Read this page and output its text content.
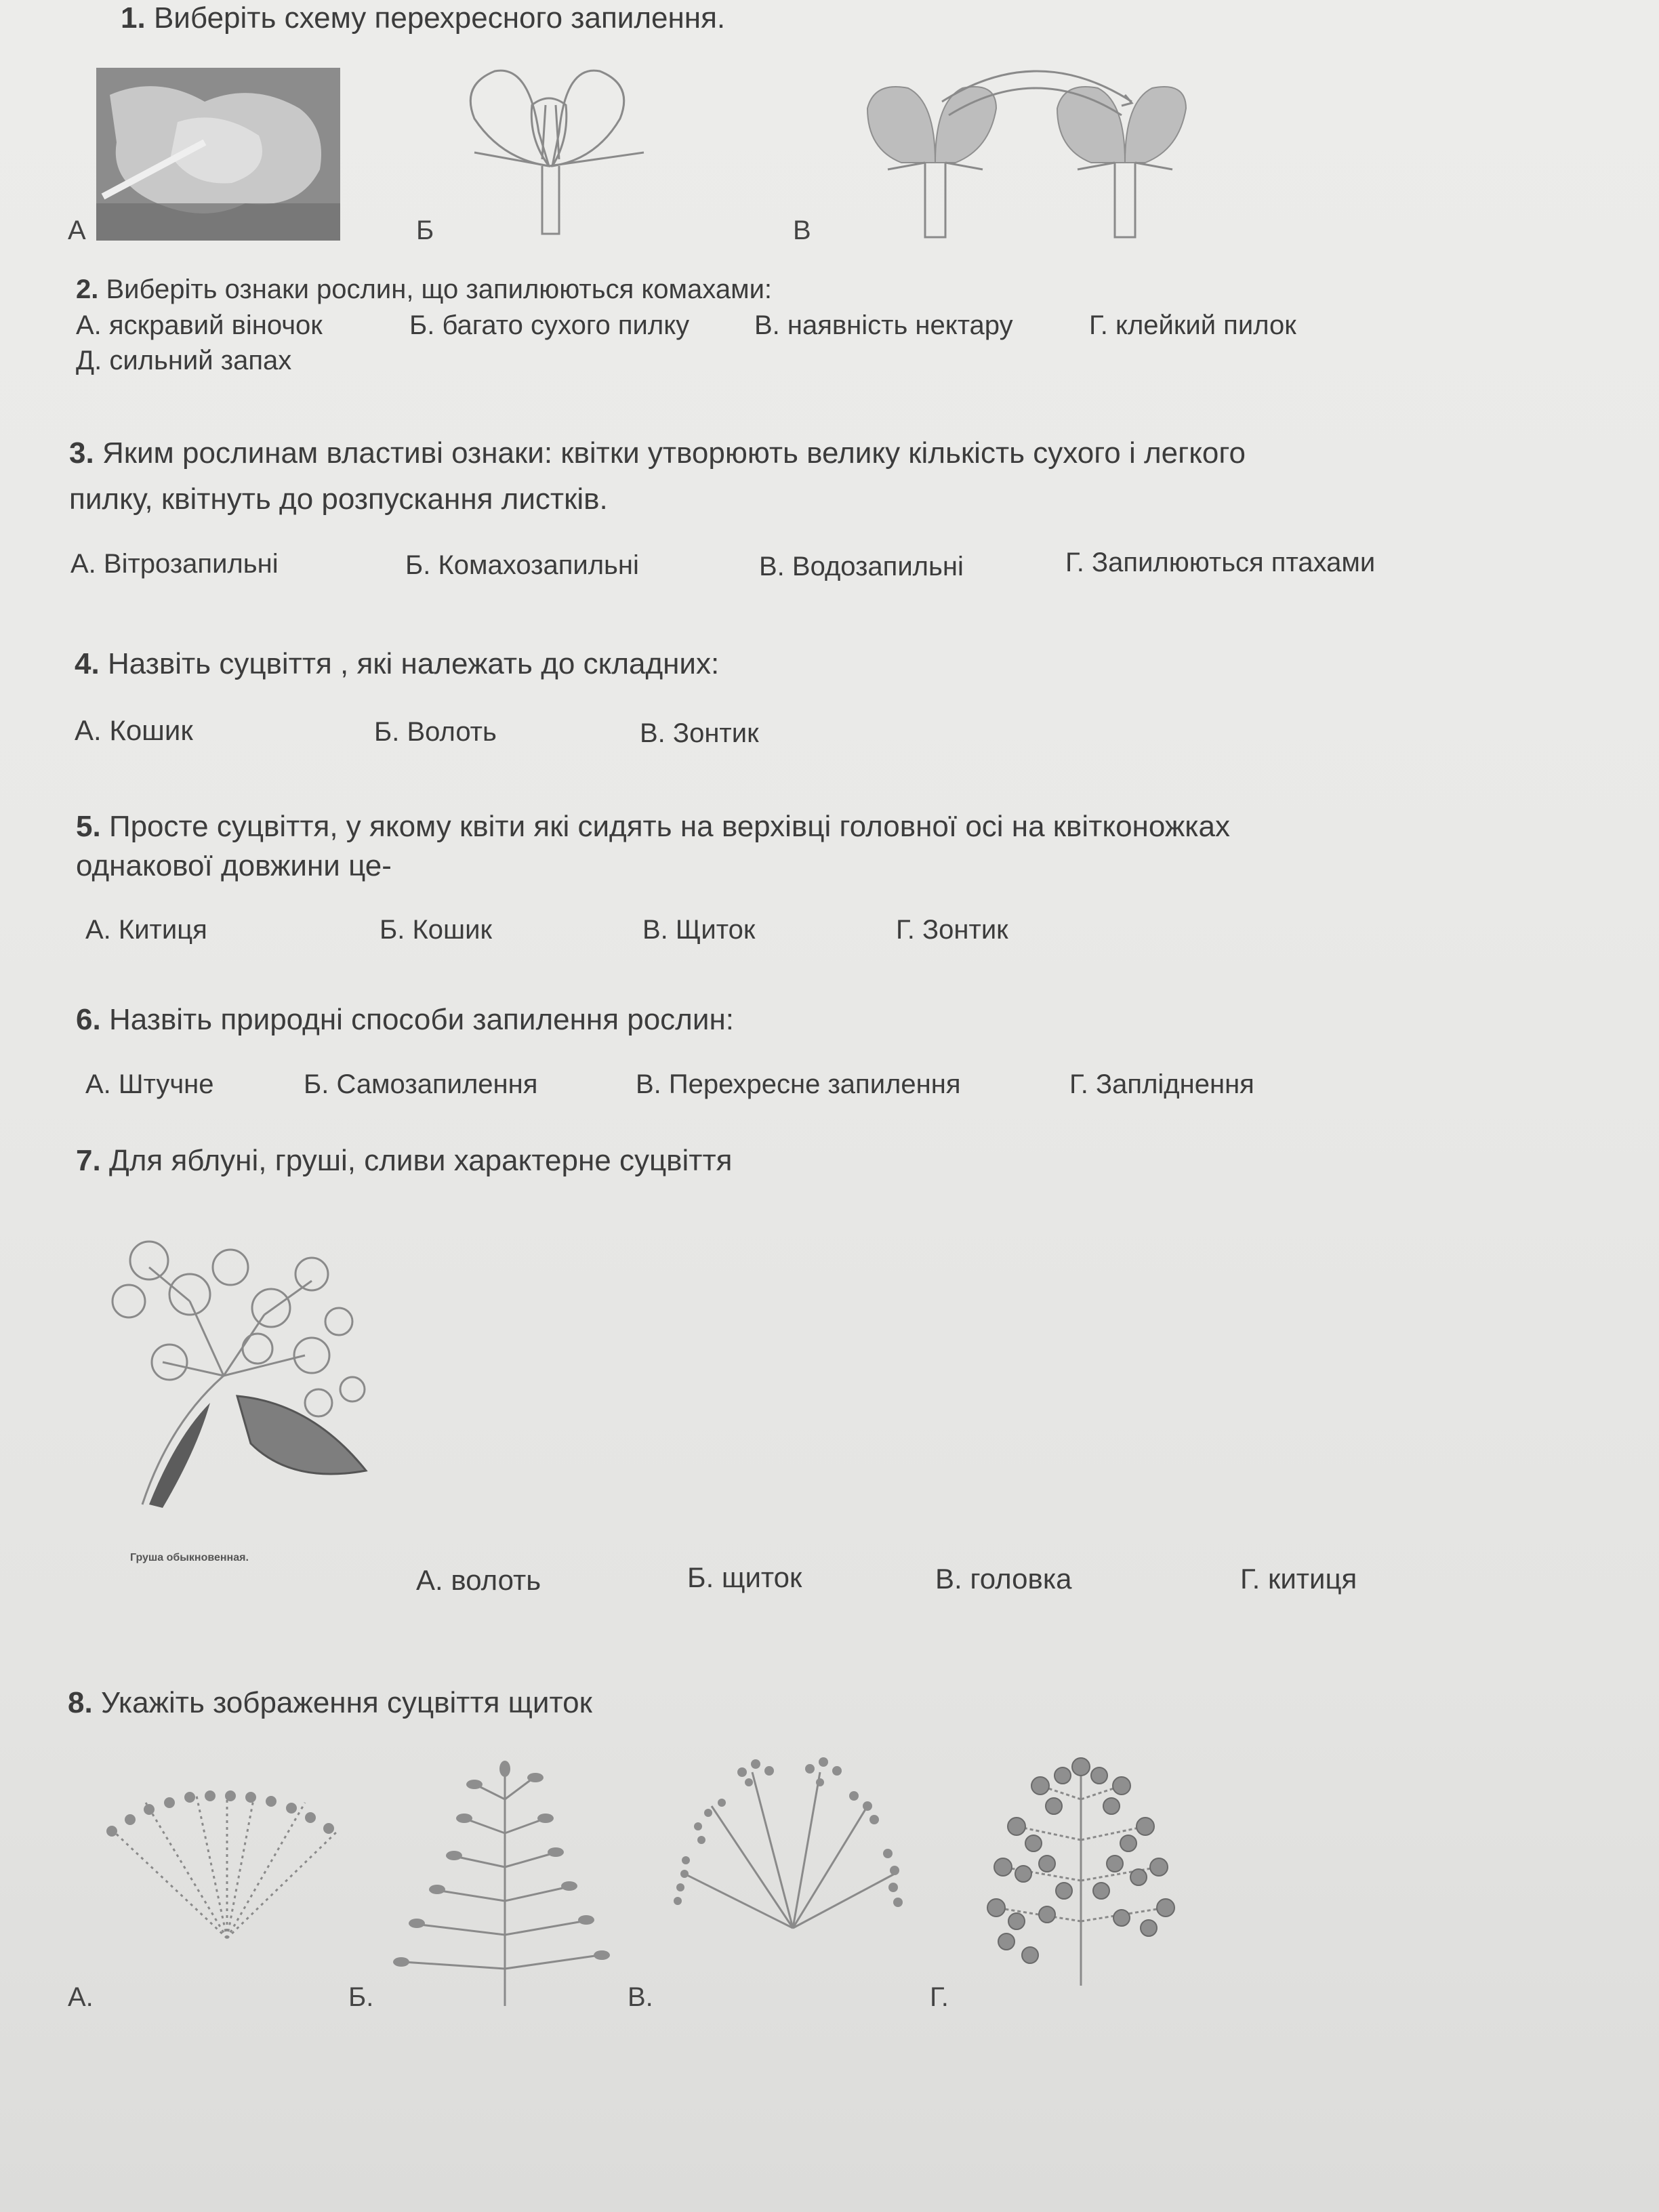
1. Виберіть схему перехресного запилення.
А	Б	В
2. Виберіть ознаки рослин, що запилюються комахами:
А. яскравий віночок	Б. багато сухого пилку В. наявність нектару	Г. клейкий пилок
Д. сильний запах
3. Яким рослинам властиві ознаки: квітки утворюють велику кількість сухого і легкого
пилку, квітнуть до розпускання листків.
А. Вітрозапильні	Б. Комахозапильні	В. Водозапильні	Г. Запилюються птахами
4. Назвіть суцвіття , які належать до складних:
А. Кошик	Б. Волоть	В. Зонтик
5. Просте суцвіття, у якому квіти які сидять на верхівці головної осі на квітконожках
однакової довжини це-
А. Китиця	Б. Кошик	В. Щиток	Г. Зонтик
6. Назвіть природні способи запилення рослин:
А. Штучне	Б. Самозапилення	В. Перехресне запилення	Г. Запліднення
7. Для яблуні, груші, сливи характерне суцвіття
Груша обыкновенная.
А. волоть	Б. щиток	В. головка	Г. китиця
8. Укажіть зображення суцвіття щиток
А.	Б.	В.	Г.
